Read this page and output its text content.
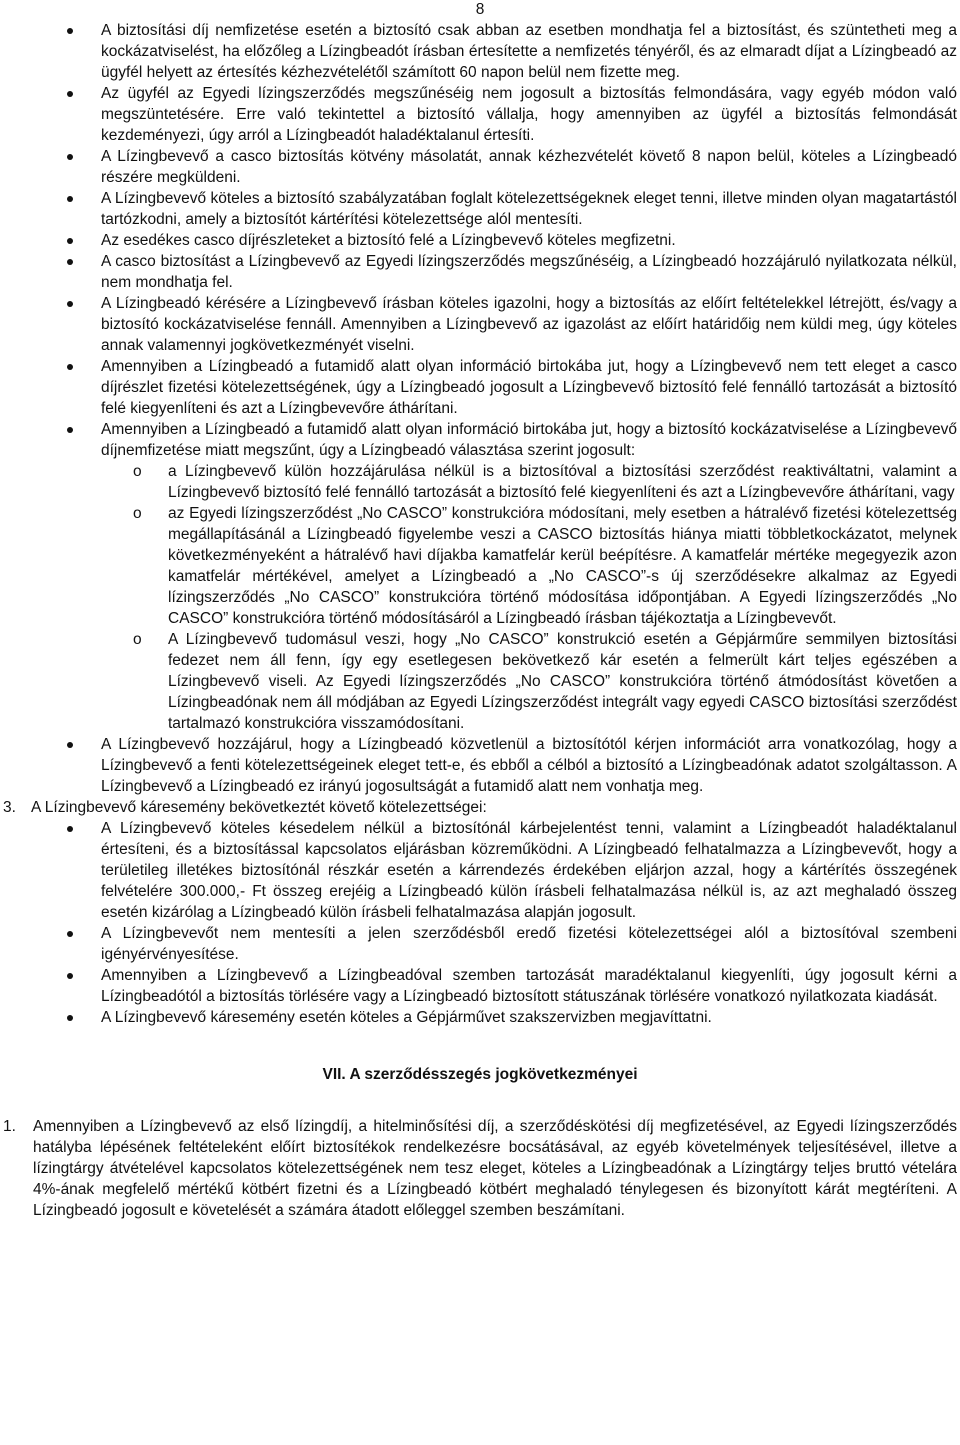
8
A biztosítási díj nemfizetése esetén a biztosító csak abban az esetben mondhatja fel a biztosítást, és szüntetheti meg a kockázatviselést, ha előzőleg a Lízingbeadót írásban értesítette a nemfizetés tényéről, és az elmaradt díjat a Lízingbeadó az ügyfél helyett az értesítés kézhezvételétől számított 60 napon belül nem fizette meg.
Az ügyfél az Egyedi lízingszerződés megszűnéséig nem jogosult a biztosítás felmondására, vagy egyéb módon való megszüntetésére. Erre való tekintettel a biztosító vállalja, hogy amennyiben az ügyfél a biztosítás felmondását kezdeményezi, úgy arról a Lízingbeadót haladéktalanul értesíti.
A Lízingbevevő a casco biztosítás kötvény másolatát, annak kézhezvételét követő 8 napon belül, köteles a Lízingbeadó részére megküldeni.
A Lízingbevevő köteles a biztosító szabályzatában foglalt kötelezettségeknek eleget tenni, illetve minden olyan magatartástól tartózkodni, amely a biztosítót kártérítési kötelezettsége alól mentesíti.
Az esedékes casco díjrészleteket a biztosító felé a Lízingbevevő köteles megfizetni.
A casco biztosítást a Lízingbevevő az Egyedi lízingszerződés megszűnéséig, a Lízingbeadó hozzájáruló nyilatkozata nélkül, nem mondhatja fel.
A Lízingbeadó kérésére a Lízingbevevő írásban köteles igazolni, hogy a biztosítás az előírt feltételekkel létrejött, és/vagy a biztosító kockázatviselése fennáll. Amennyiben a Lízingbevevő az igazolást az előírt határidőig nem küldi meg, úgy köteles annak valamennyi jogkövetkezményét viselni.
Amennyiben a Lízingbeadó a futamidő alatt olyan információ birtokába jut, hogy a Lízingbevevő nem tett eleget a casco díjrészlet fizetési kötelezettségének, úgy a Lízingbeadó jogosult a Lízingbevevő biztosító felé fennálló tartozását a biztosító felé kiegyenlíteni és azt a Lízingbevevőre áthárítani.
Amennyiben a Lízingbeadó a futamidő alatt olyan információ birtokába jut, hogy a biztosító kockázatviselése a Lízingbevevő díjnemfizetése miatt megszűnt, úgy a Lízingbeadó választása szerint jogosult:
o a Lízingbevevő külön hozzájárulása nélkül is a biztosítóval a biztosítási szerződést reaktiváltatni, valamint a Lízingbevevő biztosító felé fennálló tartozását a biztosító felé kiegyenlíteni és azt a Lízingbevevőre áthárítani, vagy
o az Egyedi lízingszerződést „No CASCO” konstrukcióra módosítani, mely esetben a hátralévő fizetési kötelezettség megállapításánál a Lízingbeadó figyelembe veszi a CASCO biztosítás hiánya miatti többletkockázatot, melynek következményeként a hátralévő havi díjakba kamatfelár kerül beépítésre. A kamatfelár mértéke megegyezik azon kamatfelár mértékével, amelyet a Lízingbeadó a „No CASCO”-s új szerződésekre alkalmaz az Egyedi lízingszerződés „No CASCO” konstrukcióra történő módosítása időpontjában. A Egyedi lízingszerződés „No CASCO” konstrukcióra történő módosításáról a Lízingbeadó írásban tájékoztatja a Lízingbevevőt.
o A Lízingbevevő tudomásul veszi, hogy „No CASCO” konstrukció esetén a Gépjárműre semmilyen biztosítási fedezet nem áll fenn, így egy esetlegesen bekövetkező kár esetén a felmerült kárt teljes egészében a Lízingbevevő viseli. Az Egyedi lízingszerződés „No CASCO” konstrukcióra történő átmódosítást követően a Lízingbeadónak nem áll módjában az Egyedi Lízingszerződést integrált vagy egyedi CASCO biztosítási szerződést tartalmazó konstrukcióra visszamódosítani.
A Lízingbevevő hozzájárul, hogy a Lízingbeadó közvetlenül a biztosítótól kérjen információt arra vonatkozólag, hogy a Lízingbevevő a fenti kötelezettségeinek eleget tett-e, és ebből a célból a biztosító a Lízingbeadónak adatot szolgáltasson. A Lízingbevevő a Lízingbeadó ez irányú jogosultságát a futamidő alatt nem vonhatja meg.
3. A Lízingbevevő káresemény bekövetkeztét követő kötelezettségei:
A Lízingbevevő köteles késedelem nélkül a biztosítónál kárbejelentést tenni, valamint a Lízingbeadót haladéktalanul értesíteni, és a biztosítással kapcsolatos eljárásban közreműködni. A Lízingbeadó felhatalmazza a Lízingbevevőt, hogy a területileg illetékes biztosítónál részkár esetén a kárrendezés érdekében eljárjon azzal, hogy a kártérítés összegének felvételére 300.000,- Ft összeg erejéig a Lízingbeadó külön írásbeli felhatalmazása nélkül is, az azt meghaladó összeg esetén kizárólag a Lízingbeadó külön írásbeli felhatalmazása alapján jogosult.
A Lízingbevevőt nem mentesíti a jelen szerződésből eredő fizetési kötelezettségei alól a biztosítóval szembeni igényérvényesítése.
Amennyiben a Lízingbevevő a Lízingbeadóval szemben tartozását maradéktalanul kiegyenlíti, úgy jogosult kérni a Lízingbeadótól a biztosítás törlésére vagy a Lízingbeadó biztosított státuszának törlésére vonatkozó nyilatkozata kiadását.
A Lízingbevevő káresemény esetén köteles a Gépjárművet szakszervizben megjavíttatni.
VII. A szerződésszegés jogkövetkezményei
1. Amennyiben a Lízingbevevő az első lízingdíj, a hitelminősítési díj, a szerződéskötési díj megfizetésével, az Egyedi lízingszerződés hatályba lépésének feltételeként előírt biztosítékok rendelkezésre bocsátásával, az egyéb követelmények teljesítésével, illetve a lízingtárgy átvételével kapcsolatos kötelezettségének nem tesz eleget, köteles a Lízingbeadónak a Lízingtárgy teljes bruttó vételára 4%-ának megfelelő mértékű kötbért fizetni és a Lízingbeadó kötbért meghaladó ténylegesen és bizonyított kárát megtéríteni. A Lízingbeadó jogosult e követelését a számára átadott előleggel szemben beszámítani.
